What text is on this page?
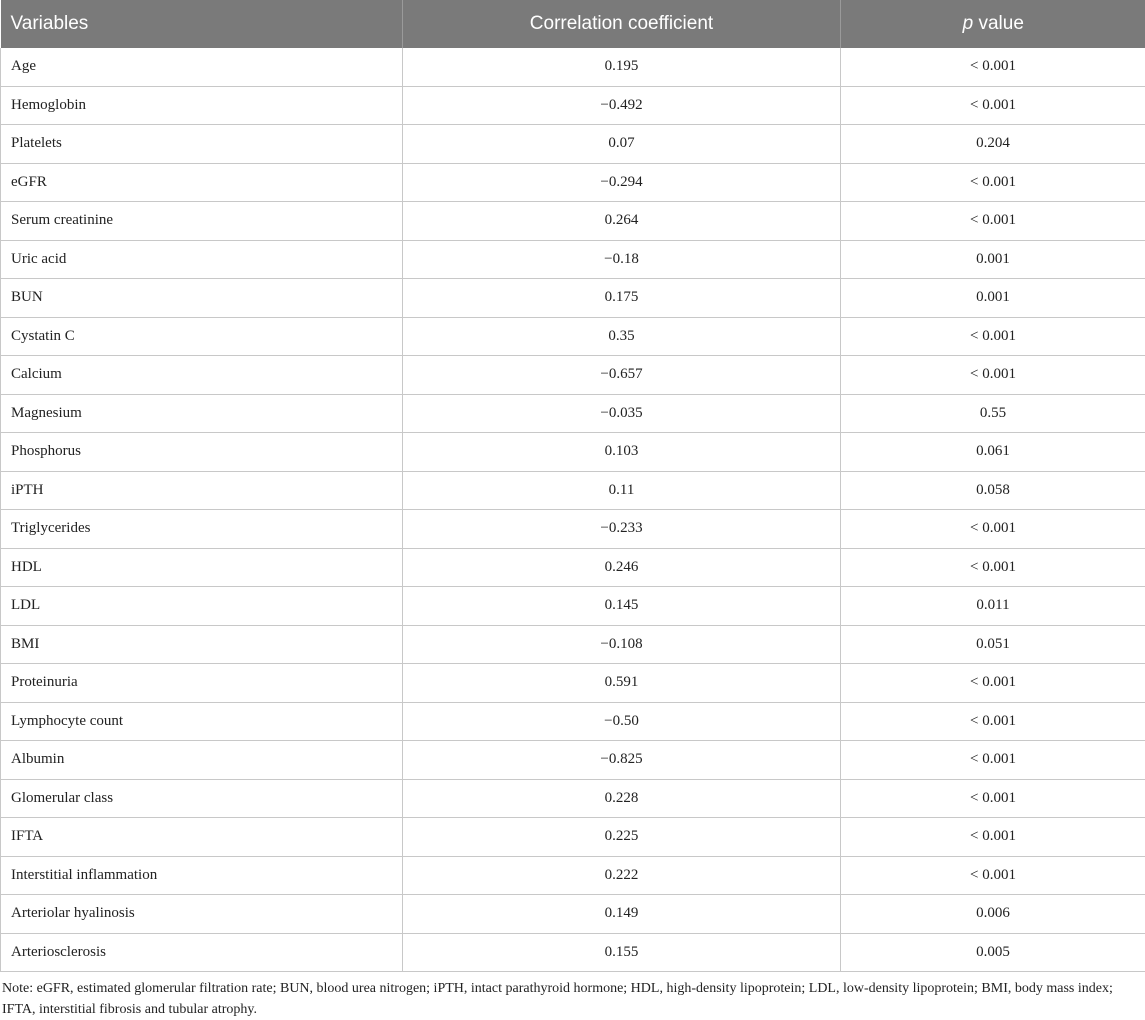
Variables	Correlation coefficient	p value
Age	0.195	< 0.001
Hemoglobin	−0.492	< 0.001
Platelets	0.07	0.204
eGFR	−0.294	< 0.001
Serum creatinine	0.264	< 0.001
Uric acid	−0.18	0.001
BUN	0.175	0.001
Cystatin C	0.35	< 0.001
Calcium	−0.657	< 0.001
Magnesium	−0.035	0.55
Phosphorus	0.103	0.061
iPTH	0.11	0.058
Triglycerides	−0.233	< 0.001
HDL	0.246	< 0.001
LDL	0.145	0.011
BMI	−0.108	0.051
Proteinuria	0.591	< 0.001
Lymphocyte count	−0.50	< 0.001
Albumin	−0.825	< 0.001
Glomerular class	0.228	< 0.001
IFTA	0.225	< 0.001
Interstitial inflammation	0.222	< 0.001
Arteriolar hyalinosis	0.149	0.006
Arteriosclerosis	0.155	0.005
Note: eGFR, estimated glomerular filtration rate; BUN, blood urea nitrogen; iPTH, intact parathyroid hormone; HDL, high-density lipoprotein; LDL, low-density lipoprotein; BMI, body mass index; IFTA, interstitial fibrosis and tubular atrophy.
